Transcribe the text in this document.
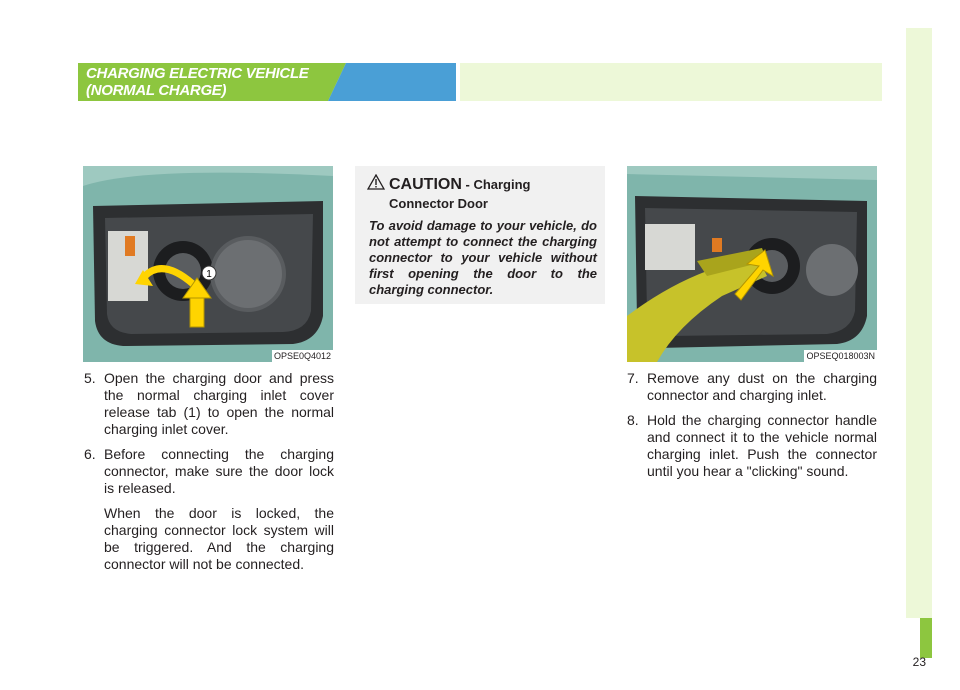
23
CHARGING ELECTRIC VEHICLE
(NORMAL CHARGE)
1
OPSE0Q4012
CAUTION - Charging
Connector Door
To avoid damage to your vehicle, do not attempt to connect the charging connector to your vehicle without first opening the door to the charging connector.
OPSEQ018003N
5. Open the charging door and press the normal charging inlet cover release tab (1) to open the normal charging inlet cover.
6. Before connecting the charging connector, make sure the door lock is released.
When the door is locked, the charging connector lock system will be triggered. And the charging connector will not be connected.
7. Remove any dust on the charging connector and charging inlet.
8. Hold the charging connector handle and connect it to the vehicle normal charging inlet. Push the connector until you hear a "clicking" sound.
